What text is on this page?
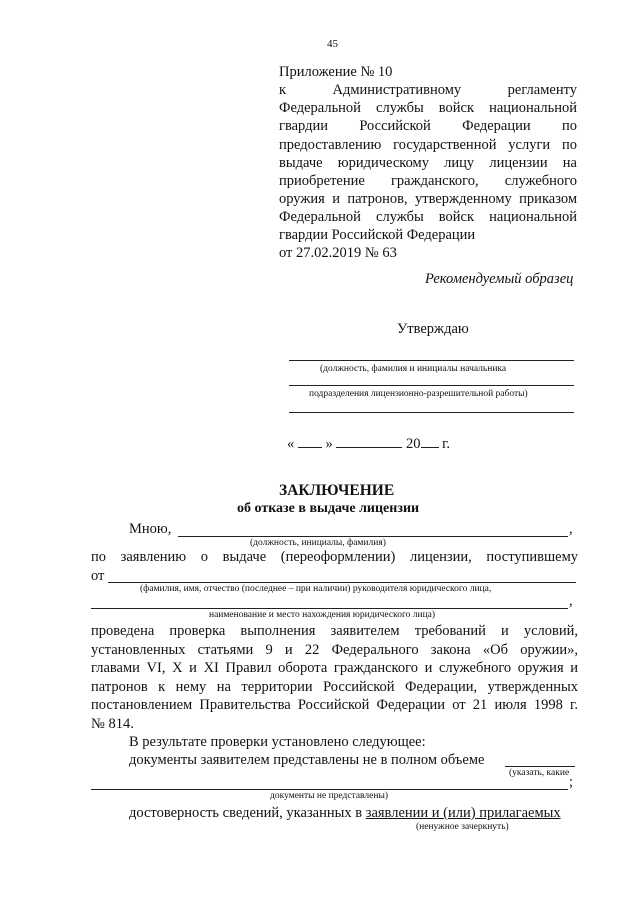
45
Приложение № 10
к	Административному	регламенту
Федеральной службы войск национальной
гвардии Российской Федерации по
предоставлению государственной услуги по
выдаче юридическому лицу лицензии на
приобретение гражданского, служебного
оружия и патронов, утвержденному приказом
Федеральной службы войск национальной
гвардии Российской Федерации
от 27.02.2019 № 63
Рекомендуемый образец
Утверждаю
(должность, фамилия и инициалы начальника
подразделения лицензионно-разрешительной работы)
« »	20 г.
ЗАКЛЮЧЕНИЕ
об отказе в выдаче лицензии
Мною,	,
(должность, инициалы, фамилия)
по заявлению о выдаче (переоформлении) лицензии, поступившему
от
(фамилия, имя, отчество (последнее – при наличии) руководителя юридического лица,
,
наименование и место нахождения юридического лица)
проведена проверка выполнения заявителем требований и условий,
установленных статьями 9 и 22 Федерального закона «Об оружии»,
главами VI, X и XI Правил оборота гражданского и служебного оружия и
патронов к нему на территории Российской Федерации, утвержденных
постановлением Правительства Российской Федерации от 21 июля 1998 г.
№ 814.
В результате проверки установлено следующее:
документы заявителем представлены не в полном объеме
(указать, какие
;
документы не представлены)
достоверность сведений, указанных в заявлении и (или) прилагаемых
(ненужное зачеркнуть)
